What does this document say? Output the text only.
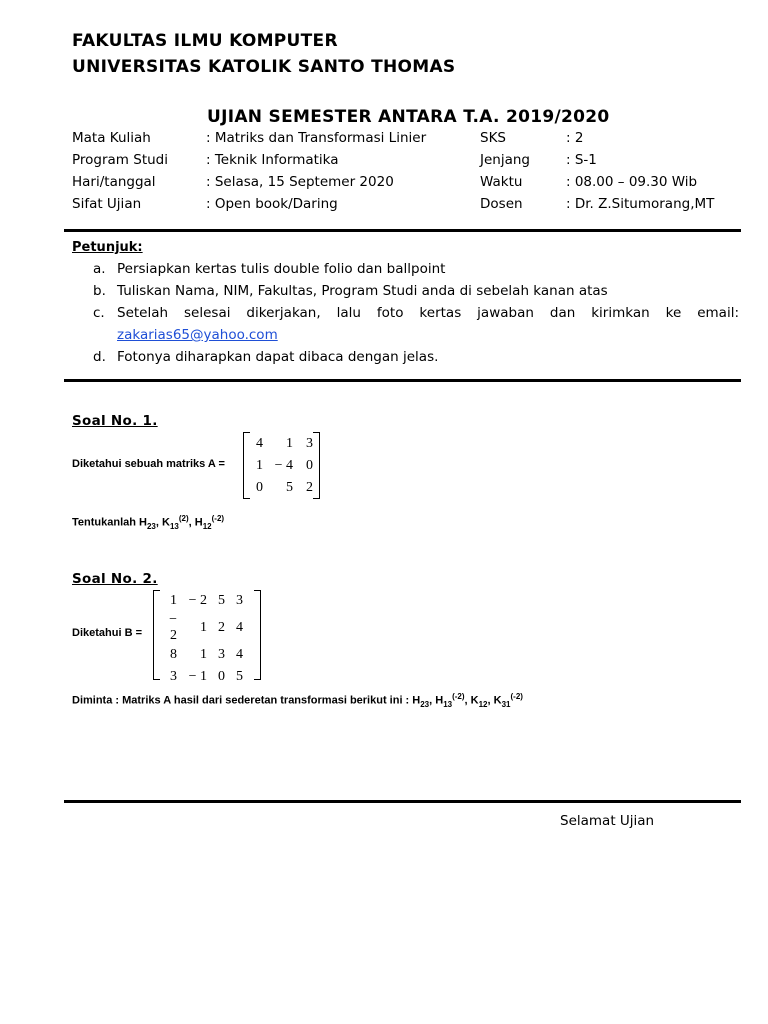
FAKULTAS ILMU KOMPUTER
UNIVERSITAS KATOLIK SANTO THOMAS
UJIAN SEMESTER ANTARA T.A. 2019/2020
Mata Kuliah	: Matriks dan Transformasi Linier	SKS	: 2
Program Studi	: Teknik Informatika	Jenjang	: S-1
Hari/tanggal	: Selasa, 15 Septemer 2020	Waktu	: 08.00 – 09.30 Wib
Sifat Ujian	: Open book/Daring	Dosen	: Dr. Z.Situmorang,MT
Petunjuk:
a. Persiapkan kertas tulis double folio dan ballpoint
b. Tuliskan Nama, NIM, Fakultas, Program Studi anda di sebelah kanan atas
c. Setelah selesai dikerjakan, lalu foto kertas jawaban dan kirimkan ke email:
zakarias65@yahoo.com
d. Fotonya diharapkan dapat dibaca dengan jelas.
Soal No. 1.
Diketahui sebuah matriks A =
4	1	3
1	− 4	0
0	5	2
Tentukanlah $H_{23}$, $K_{13}^{(2)}$, $H_{12}^{(-2)}$
Soal No. 2.
Diketahui B =
1	− 2	5	3
− 2	1	2	4
8	1	3	4
3	− 1	0	5
Diminta : Matriks A hasil dari sederetan transformasi berikut ini : $H_{23}$, $H_{13}^{(-2)}$, $K_{12}$, $K_{31}^{(-2)}$
Selamat Ujian
